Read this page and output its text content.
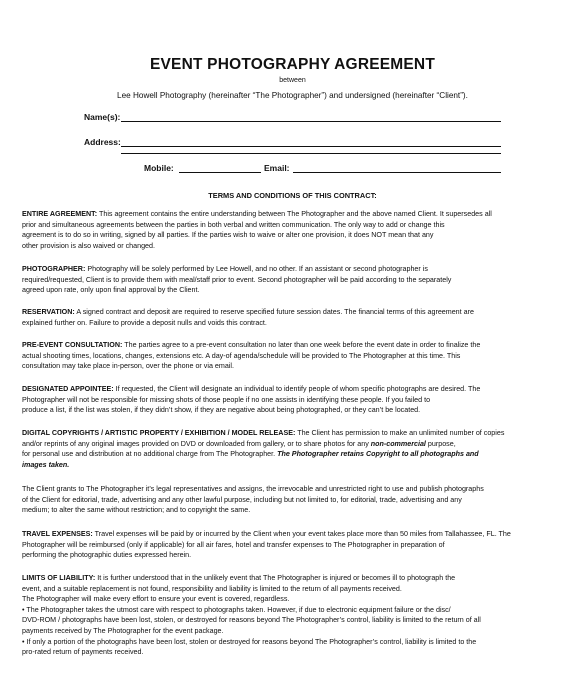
EVENT PHOTOGRAPHY AGREEMENT
between
Lee Howell Photography (hereinafter “The Photographer”) and undersigned (hereinafter “Client”).
Name(s):
Address:
Mobile:	Email:
TERMS AND CONDITIONS OF THIS CONTRACT:
ENTIRE AGREEMENT: This agreement contains the entire understanding between The Photographer and the above named Client. It supersedes all
prior and simultaneous agreements between the parties in both verbal and written communication. The only way to add or change this
agreement is to do so in writing, signed by all parties. If the parties wish to waive or alter one provision, it does NOT mean that any
other provision is also waived or changed.
PHOTOGRAPHER: Photography will be solely performed by Lee Howell, and no other. If an assistant or second photographer is
required/requested, Client is to provide them with meal/staff prior to event. Second photographer will be paid according to the separately
agreed upon rate, only upon final approval by the Client.
RESERVATION: A signed contract and deposit are required to reserve specified future session dates. The financial terms of this agreement are
explained further on. Failure to provide a deposit nulls and voids this contract.
PRE-EVENT CONSULTATION: The parties agree to a pre-event consultation no later than one week before the event date in order to finalize the
actual shooting times, locations, changes, extensions etc. A day-of agenda/schedule will be provided to The Photographer at this time. This
consultation may take place in-person, over the phone or via email.
DESIGNATED APPOINTEE: If requested, the Client will designate an individual to identify people of whom specific photographs are desired. The
Photographer will not be responsible for missing shots of those people if no one assists in identifying these people. If you failed to
produce a list, if the list was stolen, if they didn’t show, if they are negative about being photographed, or they can’t be located.
DIGITAL COPYRIGHTS / ARTISTIC PROPERTY / EXHIBITION / MODEL RELEASE: The Client has permission to make an unlimited number of copies
and/or reprints of any original images provided on DVD or downloaded from gallery, or to share photos for any non-commercial purpose,
for personal use and distribution at no additional charge from The Photographer. The Photographer retains Copyright to all photographs and
images taken.
The Client grants to The Photographer it’s legal representatives and assigns, the irrevocable and unrestricted right to use and publish photographs
of the Client for editorial, trade, advertising and any other lawful purpose, including but not limited to, for editorial, trade, advertising and any
medium; to alter the same without restriction; and to copyright the same.
TRAVEL EXPENSES: Travel expenses will be paid by or incurred by the Client when your event takes place more than 50 miles from Tallahassee, FL. The
Photographer will be reimbursed (only if applicable) for all air fares, hotel and transfer expenses to The Photographer in preparation of
performing the photographic duties expressed herein.
LIMITS OF LIABILITY: It is further understood that in the unlikely event that The Photographer is injured or becomes ill to photograph the
event, and a suitable replacement is not found, responsibility and liability is limited to the return of all payments received.
The Photographer will make every effort to ensure your event is covered, regardless.
• The Photographer takes the utmost care with respect to photographs taken. However, if due to electronic equipment failure or the disc/
DVD-ROM / photographs have been lost, stolen, or destroyed for reasons beyond The Photographer’s control, liability is limited to the return of all
payments received by The Photographer for the event package.
• If only a portion of the photographs have been lost, stolen or destroyed for reasons beyond The Photographer’s control, liability is limited to the
pro-rated return of payments received.
